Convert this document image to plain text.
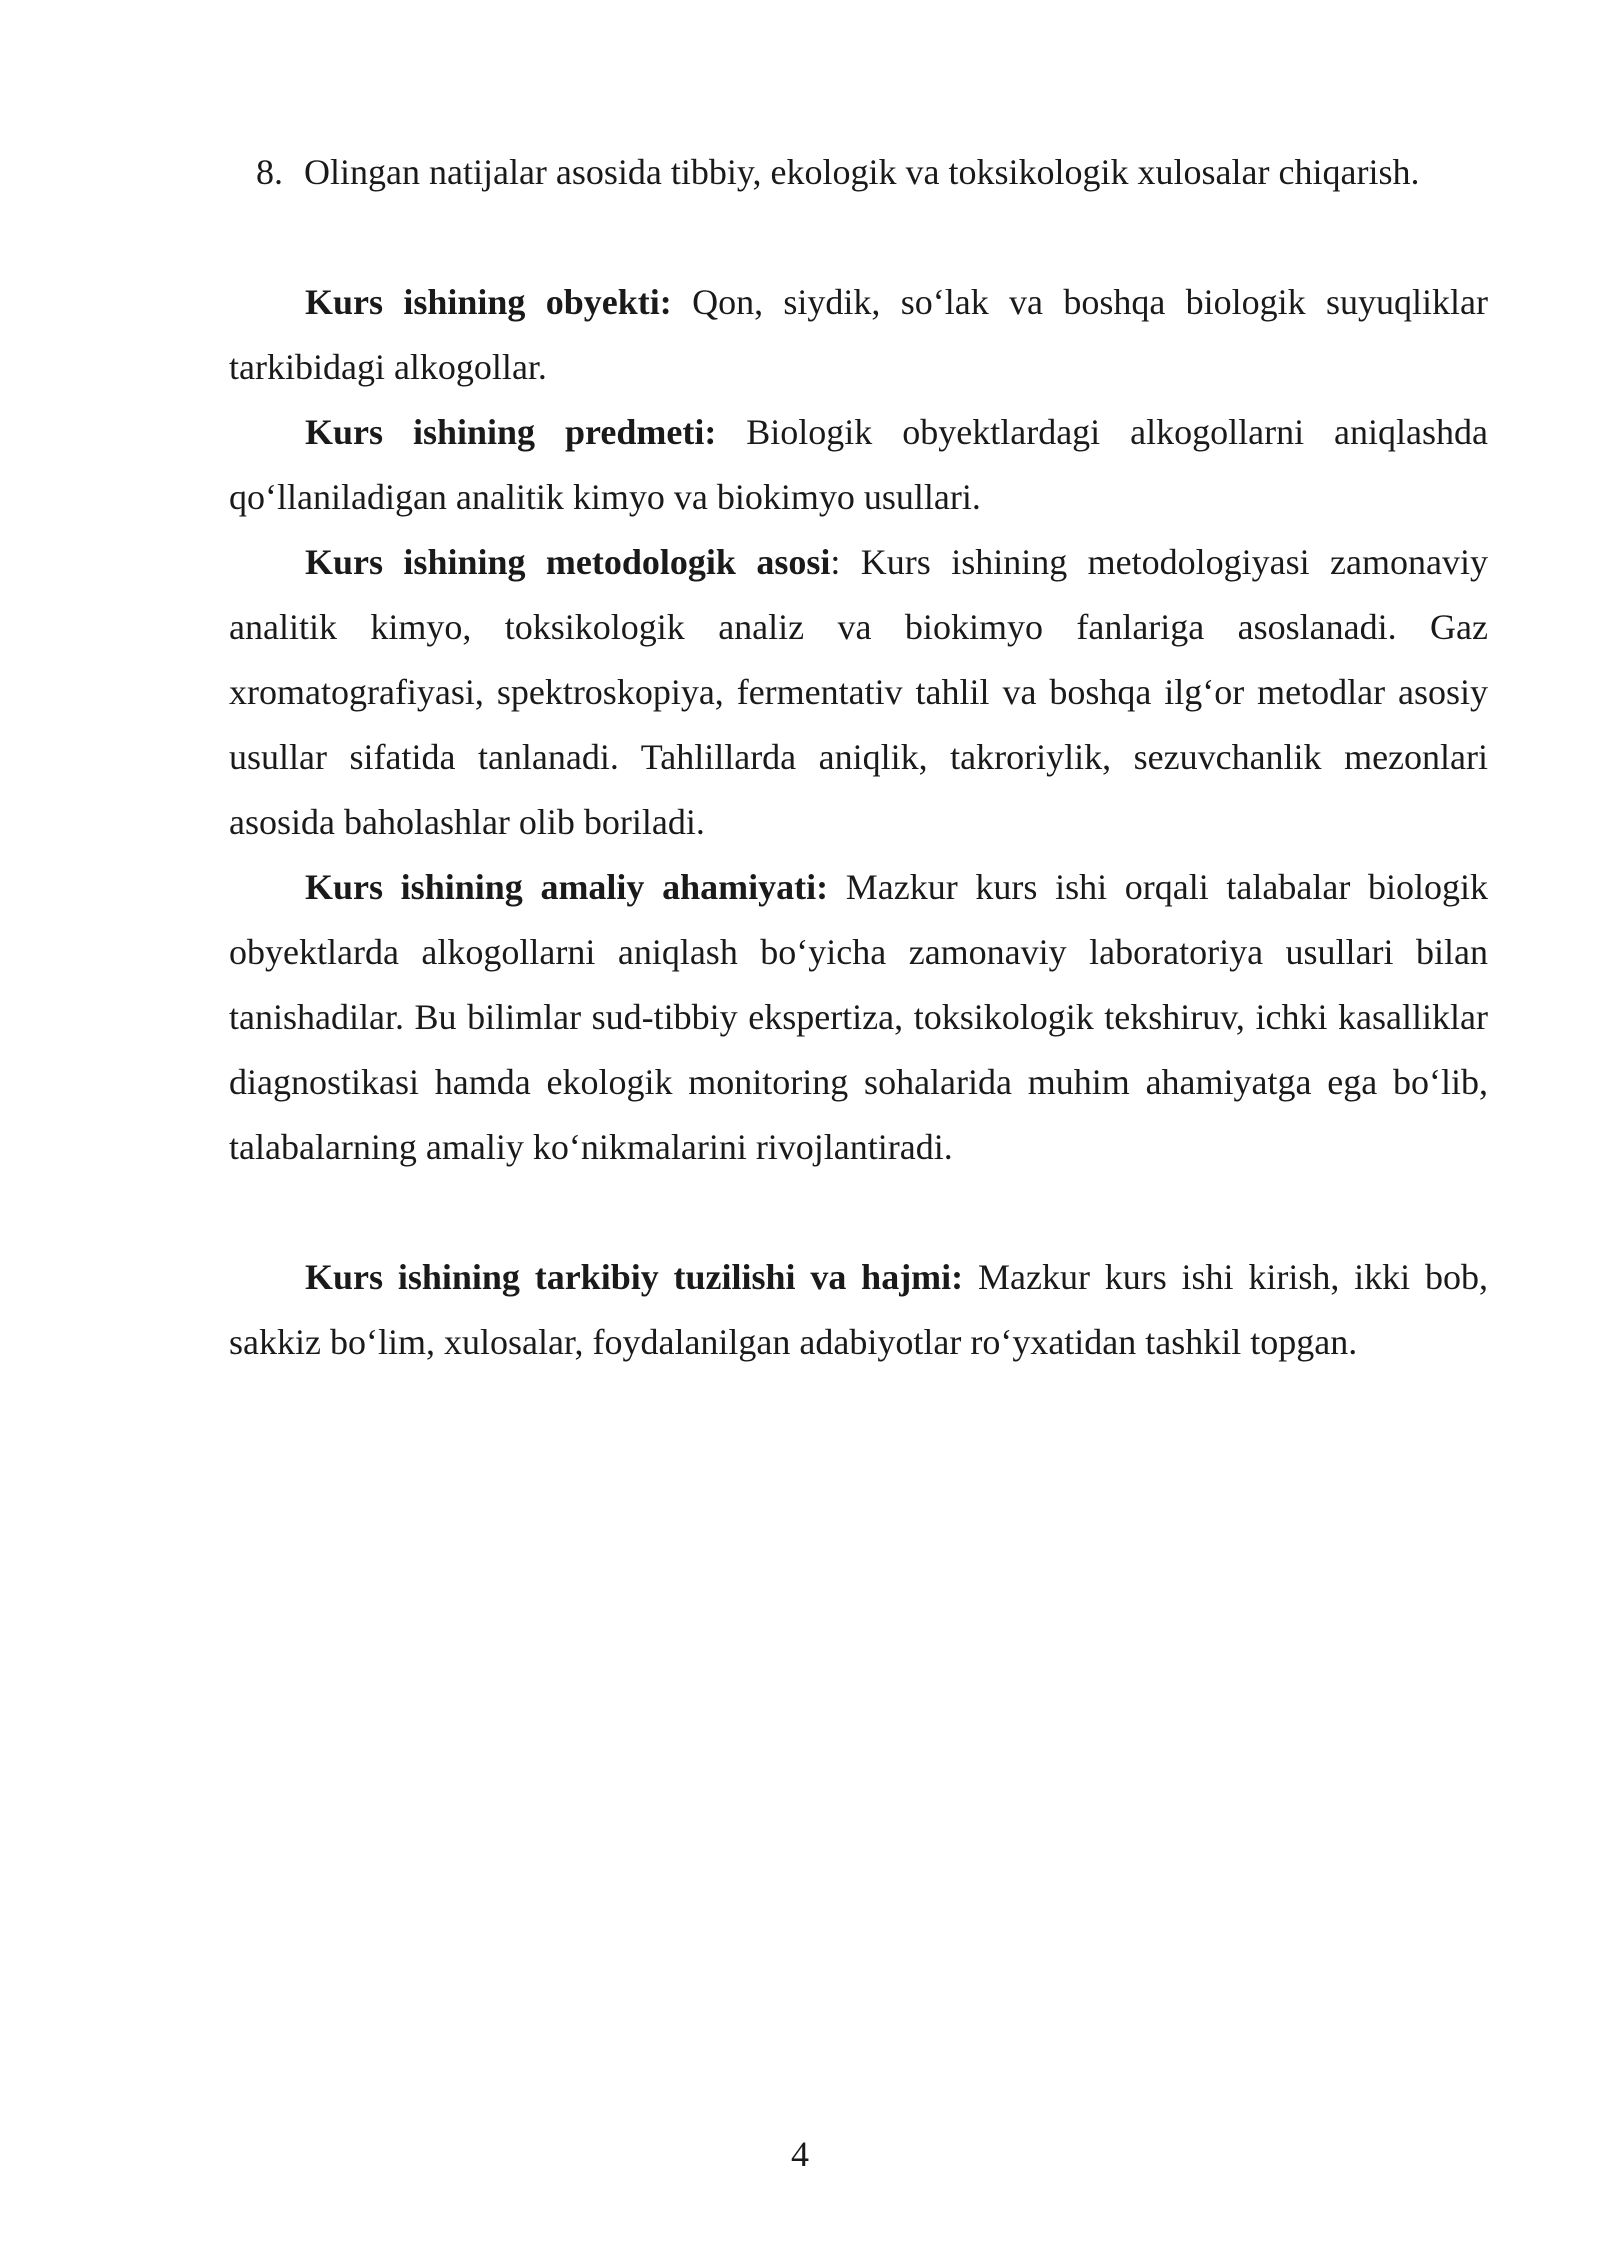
8. Olingan natijalar asosida tibbiy, ekologik va toksikologik xulosalar chiqarish.

Kurs ishining obyekti: Qon, siydik, so‘lak va boshqa biologik suyuqliklar tarkibidagi alkogollar.

Kurs ishining predmeti: Biologik obyektlardagi alkogollarni aniqlashda qo‘llaniladigan analitik kimyo va biokimyo usullari.

Kurs ishining metodologik asosi: Kurs ishining metodologiyasi zamonaviy analitik kimyo, toksikologik analiz va biokimyo fanlariga asoslanadi. Gaz xromatografiyasi, spektroskopiya, fermentativ tahlil va boshqa ilg‘or metodlar asosiy usullar sifatida tanlanadi. Tahlillarda aniqlik, takroriylik, sezuvchanlik mezonlari asosida baholashlar olib boriladi.

Kurs ishining amaliy ahamiyati: Mazkur kurs ishi orqali talabalar biologik obyektlarda alkogollarni aniqlash bo‘yicha zamonaviy laboratoriya usullari bilan tanishadilar. Bu bilimlar sud-tibbiy ekspertiza, toksikologik tekshiruv, ichki kasalliklar diagnostikasi hamda ekologik monitoring sohalarida muhim ahamiyatga ega bo‘lib, talabalarning amaliy ko‘nikmalarini rivojlantiradi.

Kurs ishining tarkibiy tuzilishi va hajmi: Mazkur kurs ishi kirish, ikki bob, sakkiz bo‘lim, xulosalar, foydalanilgan adabiyotlar ro‘yxatidan tashkil topgan.

4
